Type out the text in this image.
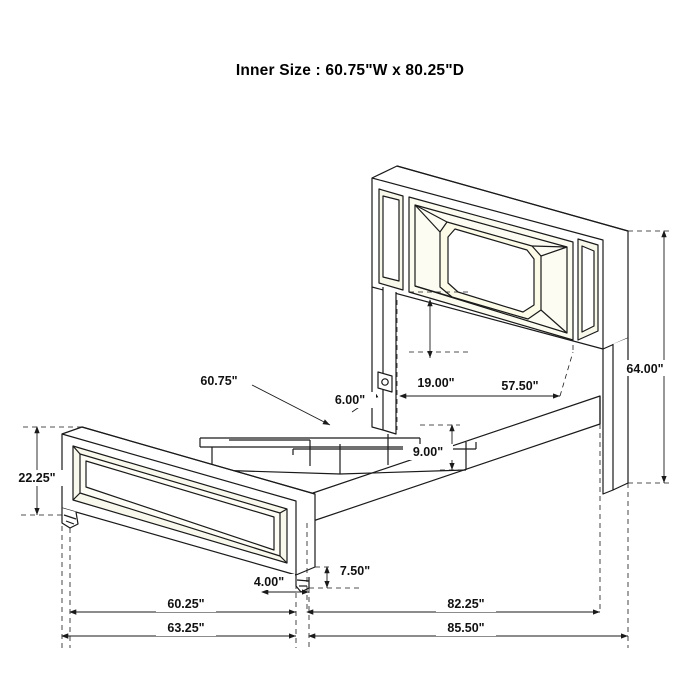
Inner Size : 60.75"W x 80.25"D
64.00"
57.50"
19.00"
9.00"
6.00"
60.75"
22.25"
7.50"
4.00"
60.25"	82.25"
63.25"	85.50"
